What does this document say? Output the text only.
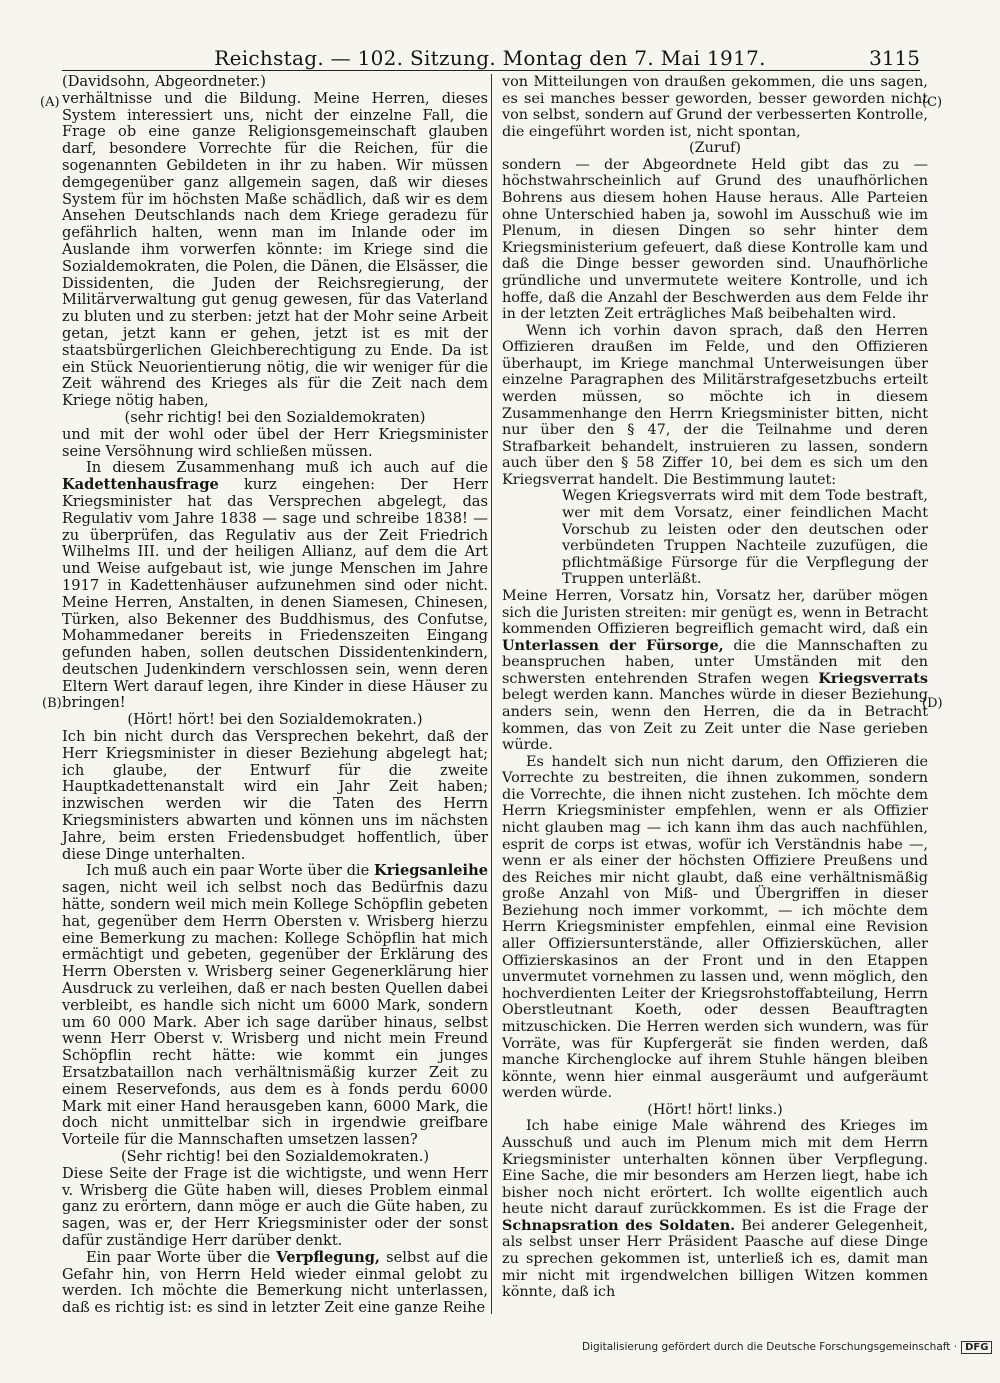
Reichstag. — 102. Sitzung. Montag den 7. Mai 1917.	3115
(A)
(B)
(C)
(D)

(Davidsohn, Abgeordneter.)

verhältnisse und die Bildung. Meine Herren, dieses System interessiert uns, nicht der einzelne Fall, die Frage ob eine ganze Religionsgemeinschaft glauben darf, besondere Vorrechte für die Reichen, für die sogenannten Gebildeten in ihr zu haben. Wir müssen demgegenüber ganz allgemein sagen, daß wir dieses System für im höchsten Maße schädlich, daß wir es dem Ansehen Deutschlands nach dem Kriege geradezu für gefährlich halten, wenn man im Inlande oder im Auslande ihm vorwerfen könnte: im Kriege sind die Sozialdemokraten, die Polen, die Dänen, die Elsässer, die Dissidenten, die Juden der Reichsregierung, der Militärverwaltung gut genug gewesen, für das Vaterland zu bluten und zu sterben: jetzt hat der Mohr seine Arbeit getan, jetzt kann er gehen, jetzt ist es mit der staatsbürgerlichen Gleichberechtigung zu Ende. Da ist ein Stück Neuorientierung nötig, die wir weniger für die Zeit während des Krieges als für die Zeit nach dem Kriege nötig haben,

(sehr richtig! bei den Sozialdemokraten)

und mit der wohl oder übel der Herr Kriegsminister seine Versöhnung wird schließen müssen.

In diesem Zusammenhang muß ich auch auf die Kadettenhausfrage kurz eingehen: Der Herr Kriegsminister hat das Versprechen abgelegt, das Regulativ vom Jahre 1838 — sage und schreibe 1838! — zu überprüfen, das Regulativ aus der Zeit Friedrich Wilhelms III. und der heiligen Allianz, auf dem die Art und Weise aufgebaut ist, wie junge Menschen im Jahre 1917 in Kadettenhäuser aufzunehmen sind oder nicht. Meine Herren, Anstalten, in denen Siamesen, Chinesen, Türken, also Bekenner des Buddhismus, des Confutse, Mohammedaner bereits in Friedenszeiten Eingang gefunden haben, sollen deutschen Dissidentenkindern, deutschen Judenkindern verschlossen sein, wenn deren Eltern Wert darauf legen, ihre Kinder in diese Häuser zu bringen!

(Hört! hört! bei den Sozialdemokraten.)

Ich bin nicht durch das Versprechen bekehrt, daß der Herr Kriegsminister in dieser Beziehung abgelegt hat; ich glaube, der Entwurf für die zweite Hauptkadettenanstalt wird ein Jahr Zeit haben; inzwischen werden wir die Taten des Herrn Kriegsministers abwarten und können uns im nächsten Jahre, beim ersten Friedensbudget hoffentlich, über diese Dinge unterhalten.

Ich muß auch ein paar Worte über die Kriegsanleihe sagen, nicht weil ich selbst noch das Bedürfnis dazu hätte, sondern weil mich mein Kollege Schöpflin gebeten hat, gegenüber dem Herrn Obersten v. Wrisberg hierzu eine Bemerkung zu machen: Kollege Schöpflin hat mich ermächtigt und gebeten, gegenüber der Erklärung des Herrn Obersten v. Wrisberg seiner Gegenerklärung hier Ausdruck zu verleihen, daß er nach besten Quellen dabei verbleibt, es handle sich nicht um 6000 Mark, sondern um 60 000 Mark. Aber ich sage darüber hinaus, selbst wenn Herr Oberst v. Wrisberg und nicht mein Freund Schöpflin recht hätte: wie kommt ein junges Ersatzbataillon nach verhältnismäßig kurzer Zeit zu einem Reservefonds, aus dem es à fonds perdu 6000 Mark mit einer Hand herausgeben kann, 6000 Mark, die doch nicht unmittelbar sich in irgendwie greifbare Vorteile für die Mannschaften umsetzen lassen?

(Sehr richtig! bei den Sozialdemokraten.)

Diese Seite der Frage ist die wichtigste, und wenn Herr v. Wrisberg die Güte haben will, dieses Problem einmal ganz zu erörtern, dann möge er auch die Güte haben, zu sagen, was er, der Herr Kriegsminister oder der sonst dafür zuständige Herr darüber denkt.

Ein paar Worte über die Verpflegung, selbst auf die Gefahr hin, von Herrn Held wieder einmal gelobt zu werden. Ich möchte die Bemerkung nicht unterlassen, daß es richtig ist: es sind in letzter Zeit eine ganze Reihe

von Mitteilungen von draußen gekommen, die uns sagen, es sei manches besser geworden, besser geworden nicht von selbst, sondern auf Grund der verbesserten Kontrolle, die eingeführt worden ist, nicht spontan,

(Zuruf)

sondern — der Abgeordnete Held gibt das zu — höchstwahrscheinlich auf Grund des unaufhörlichen Bohrens aus diesem hohen Hause heraus. Alle Parteien ohne Unterschied haben ja, sowohl im Ausschuß wie im Plenum, in diesen Dingen so sehr hinter dem Kriegsministerium gefeuert, daß diese Kontrolle kam und daß die Dinge besser geworden sind. Unaufhörliche gründliche und unvermutete weitere Kontrolle, und ich hoffe, daß die Anzahl der Beschwerden aus dem Felde ihr in der letzten Zeit erträgliches Maß beibehalten wird.

Wenn ich vorhin davon sprach, daß den Herren Offizieren draußen im Felde, und den Offizieren überhaupt, im Kriege manchmal Unterweisungen über einzelne Paragraphen des Militärstrafgesetzbuchs erteilt werden müssen, so möchte ich in diesem Zusammenhange den Herrn Kriegsminister bitten, nicht nur über den § 47, der die Teilnahme und deren Strafbarkeit behandelt, instruieren zu lassen, sondern auch über den § 58 Ziffer 10, bei dem es sich um den Kriegsverrat handelt. Die Bestimmung lautet:

Wegen Kriegsverrats wird mit dem Tode bestraft, wer mit dem Vorsatz, einer feindlichen Macht Vorschub zu leisten oder den deutschen oder verbündeten Truppen Nachteile zuzufügen, die pflichtmäßige Fürsorge für die Verpflegung der Truppen unterläßt.

Meine Herren, Vorsatz hin, Vorsatz her, darüber mögen sich die Juristen streiten: mir genügt es, wenn in Betracht kommenden Offizieren begreiflich gemacht wird, daß ein Unterlassen der Fürsorge, die die Mannschaften zu beanspruchen haben, unter Umständen mit den schwersten entehrenden Strafen wegen Kriegsverrats belegt werden kann. Manches würde in dieser Beziehung anders sein, wenn den Herren, die da in Betracht kommen, das von Zeit zu Zeit unter die Nase gerieben würde.

Es handelt sich nun nicht darum, den Offizieren die Vorrechte zu bestreiten, die ihnen zukommen, sondern die Vorrechte, die ihnen nicht zustehen. Ich möchte dem Herrn Kriegsminister empfehlen, wenn er als Offizier nicht glauben mag — ich kann ihm das auch nachfühlen, esprit de corps ist etwas, wofür ich Verständnis habe —, wenn er als einer der höchsten Offiziere Preußens und des Reiches mir nicht glaubt, daß eine verhältnismäßig große Anzahl von Miß- und Übergriffen in dieser Beziehung noch immer vorkommt, — ich möchte dem Herrn Kriegsminister empfehlen, einmal eine Revision aller Offiziersunterstände, aller Offiziersküchen, aller Offizierskasinos an der Front und in den Etappen unvermutet vornehmen zu lassen und, wenn möglich, den hochverdienten Leiter der Kriegsrohstoffabteilung, Herrn Oberstleutnant Koeth, oder dessen Beauftragten mitzuschicken. Die Herren werden sich wundern, was für Vorräte, was für Kupfergerät sie finden werden, daß manche Kirchenglocke auf ihrem Stuhle hängen bleiben könnte, wenn hier einmal ausgeräumt und aufgeräumt werden würde.

(Hört! hört! links.)

Ich habe einige Male während des Krieges im Ausschuß und auch im Plenum mich mit dem Herrn Kriegsminister unterhalten können über Verpflegung. Eine Sache, die mir besonders am Herzen liegt, habe ich bisher noch nicht erörtert. Ich wollte eigentlich auch heute nicht darauf zurückkommen. Es ist die Frage der Schnapsration des Soldaten. Bei anderer Gelegenheit, als selbst unser Herr Präsident Paasche auf diese Dinge zu sprechen gekommen ist, unterließ ich es, damit man mir nicht mit irgendwelchen billigen Witzen kommen könnte, daß ich

Digitalisierung gefördert durch die Deutsche Forschungsgemeinschaft · DFG
